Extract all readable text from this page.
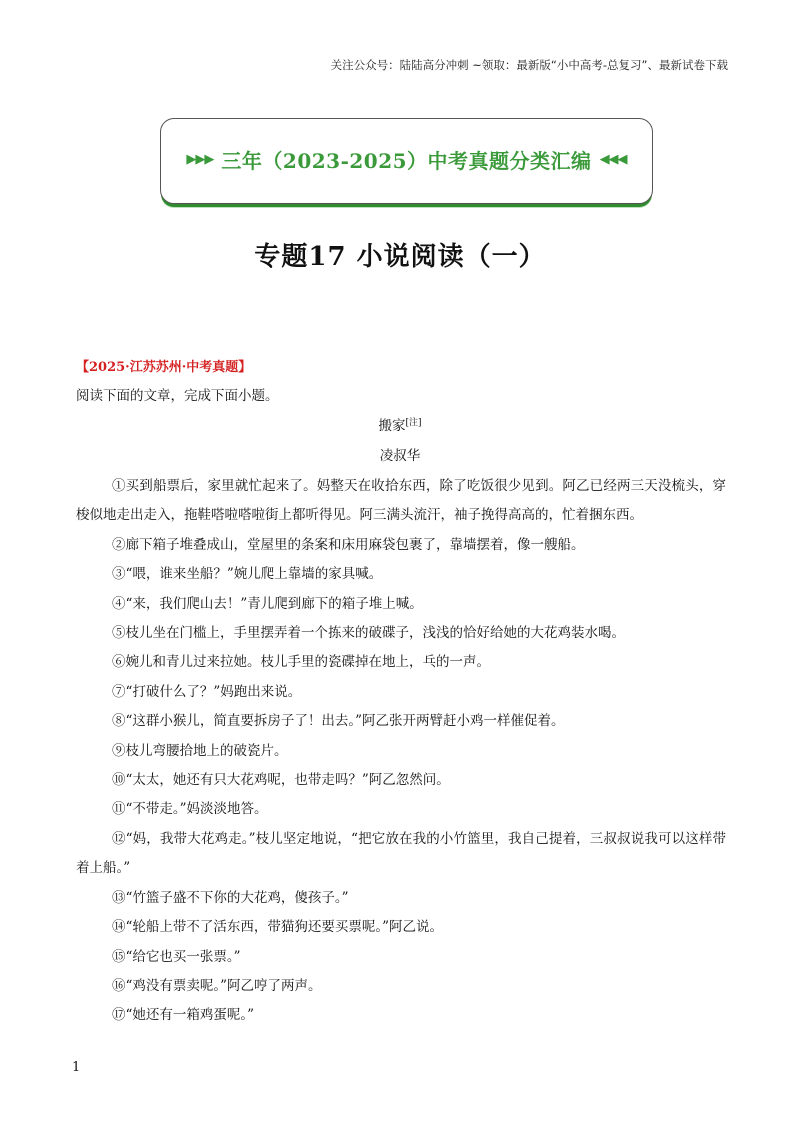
关注公众号：陆陆高分冲刺 ~领取：最新版“小中高考-总复习”、最新试卷下载
▶▶▶ 三年（2023-2025）中考真题分类汇编 ◀◀◀
专题17 小说阅读（一）
【2025·江苏苏州·中考真题】
阅读下面的文章，完成下面小题。
搬家[注]
凌叔华

①买到船票后，家里就忙起来了。妈整天在收拾东西，除了吃饭很少见到。阿乙已经两三天没梳头，穿梭似地走出走入，拖鞋嗒啦嗒啦街上都听得见。阿三满头流汗，袖子挽得高高的，忙着捆东西。

②廊下箱子堆叠成山，堂屋里的条案和床用麻袋包裹了，靠墙摆着，像一艘船。

③“喂，谁来坐船？”婉儿爬上靠墙的家具喊。

④“来，我们爬山去！”青儿爬到廊下的箱子堆上喊。

⑤枝儿坐在门槛上，手里摆弄着一个拣来的破碟子，浅浅的恰好给她的大花鸡装水喝。

⑥婉儿和青儿过来拉她。枝儿手里的瓷碟掉在地上，乓的一声。

⑦“打破什么了？”妈跑出来说。

⑧“这群小猴儿，简直要拆房子了！出去。”阿乙张开两臂赶小鸡一样催促着。

⑨枝儿弯腰拾地上的破瓷片。

⑩“太太，她还有只大花鸡呢，也带走吗？”阿乙忽然问。

⑪“不带走。”妈淡淡地答。

⑫“妈，我带大花鸡走。”枝儿坚定地说，“把它放在我的小竹篮里，我自己提着，三叔叔说我可以这样带着上船。”

⑬“竹篮子盛不下你的大花鸡，傻孩子。”

⑭“轮船上带不了活东西，带猫狗还要买票呢。”阿乙说。

⑮“给它也买一张票。”

⑯“鸡没有票卖呢。”阿乙哼了两声。

⑰“她还有一箱鸡蛋呢。”

1
